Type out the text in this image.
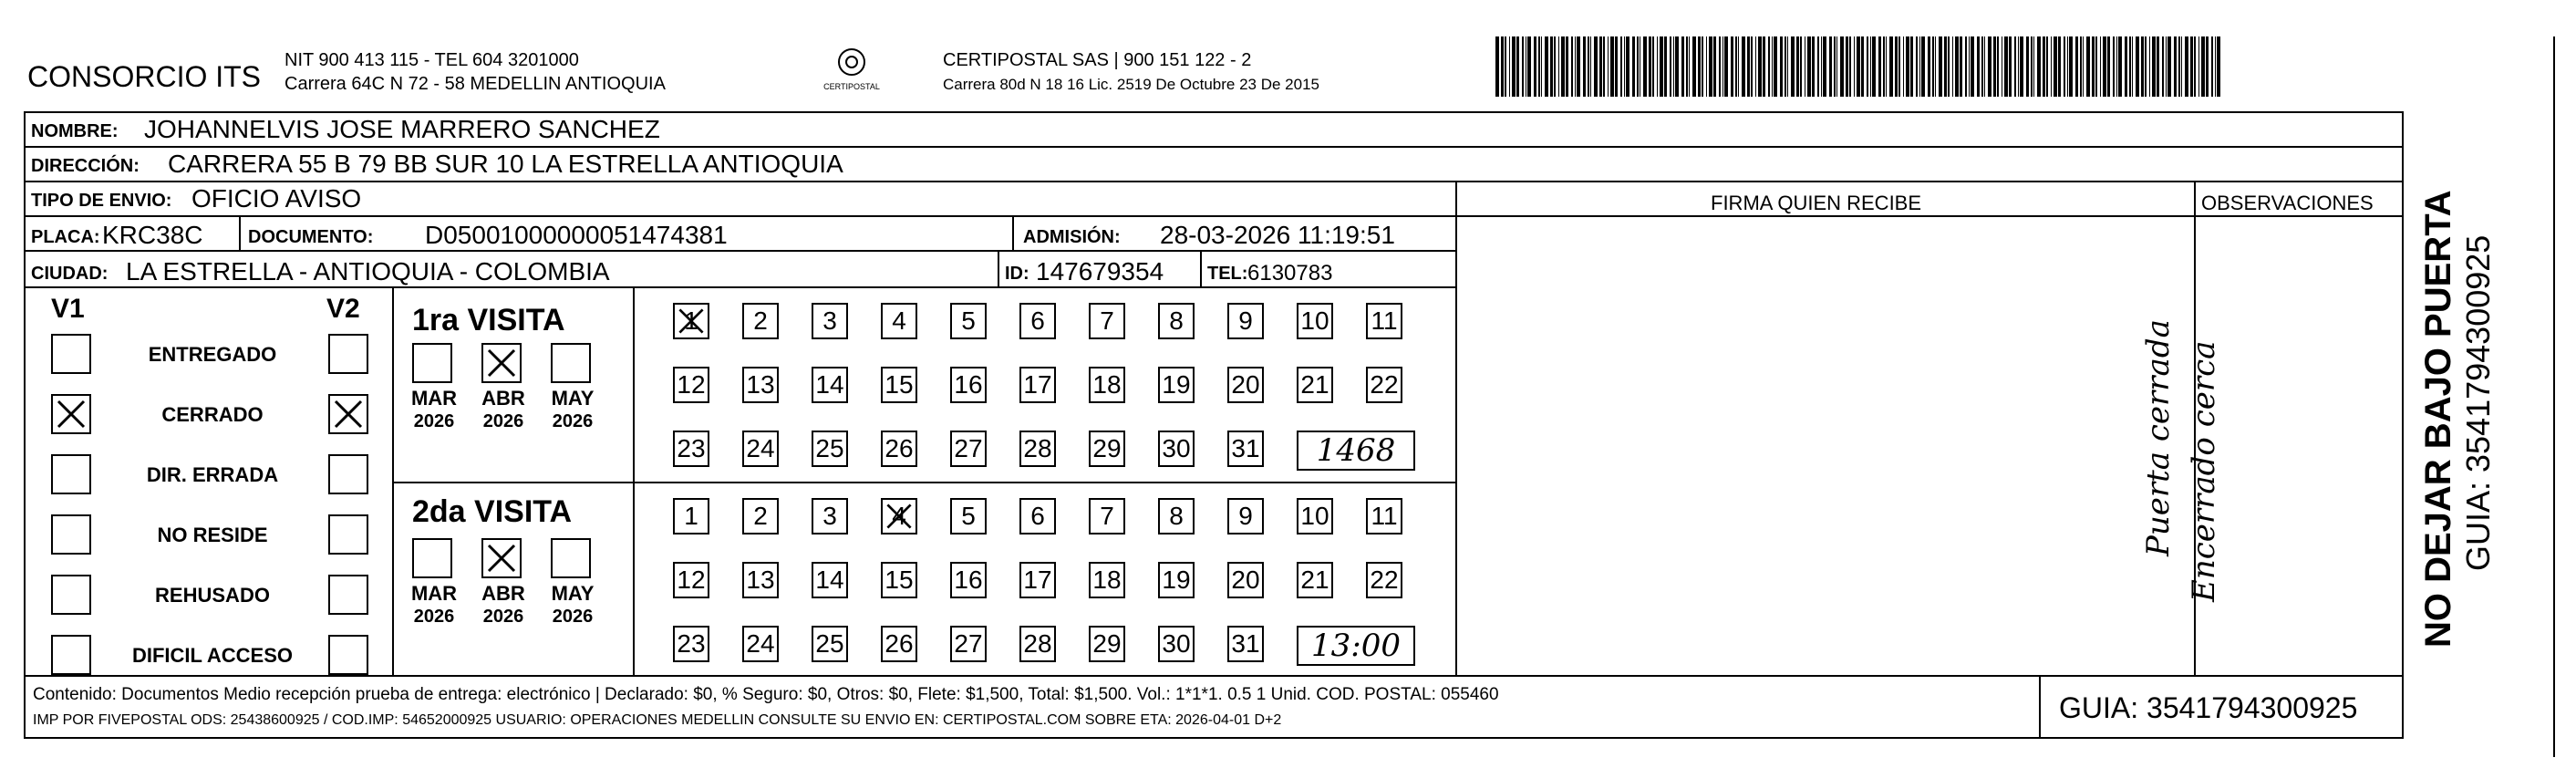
CONSORCIO ITS NIT 900 413 115 - TEL 604 3201000
Carrera 64C N 72 - 58 MEDELLIN ANTIOQUIA	CERTIPOSTAL
CERTIPOSTAL SAS | 900 151 122 - 2
Carrera 80d N 18 16 Lic. 2519 De Octubre 23 De 2015
NOMBRE: JOHANNELVIS JOSE MARRERO SANCHEZ
DIRECCIÓN: CARRERA 55 B 79 BB SUR 10 LA ESTRELLA ANTIOQUIA
TIPO DE ENVIO: OFICIO AVISO
PLACA: KRC38C DOCUMENTO: D05001000000051474381	ADMISIÓN: 28-03-2026 11:19:51
CIUDAD: LA ESTRELLA - ANTIOQUIA - COLOMBIA	ID: 147679354 TEL: 6130783
FIRMA QUIEN RECIBE	OBSERVACIONES
Puerta cerrada Encerrado cerca
V1	V2
ENTREGADO
CERRADO
DIR. ERRADA
NO RESIDE
REHUSADO
DIFICIL ACCESO
1ra VISITA
MAR
2026
ABR
2026
MAY
2026
1	2	3	4	5	6	7	8	9	10 11
12 13 14 15 16 17 18 19 20 21 22
23 24 25 26 27 28 29 30 31	1468
2da VISITA
MAR
2026
ABR
2026
MAY
2026
1	2	3	4	5	6	7	8	9	10 11
12 13 14 15 16 17 18 19 20 21 22
23 24 25 26 27 28 29 30 31	13:00
Contenido: Documentos Medio recepción prueba de entrega: electrónico | Declarado: $0, % Seguro: $0, Otros: $0, Flete: $1,500, Total: $1,500. Vol.: 1*1*1. 0.5 1 Unid. COD. POSTAL: 055460
IMP POR FIVEPOSTAL ODS: 25438600925 / COD.IMP: 54652000925 USUARIO: OPERACIONES MEDELLIN CONSULTE SU ENVIO EN: CERTIPOSTAL.COM SOBRE ETA: 2026-04-01 D+2	GUIA: 3541794300925
NO DEJAR BAJO PUERTA GUIA: 3541794300925
